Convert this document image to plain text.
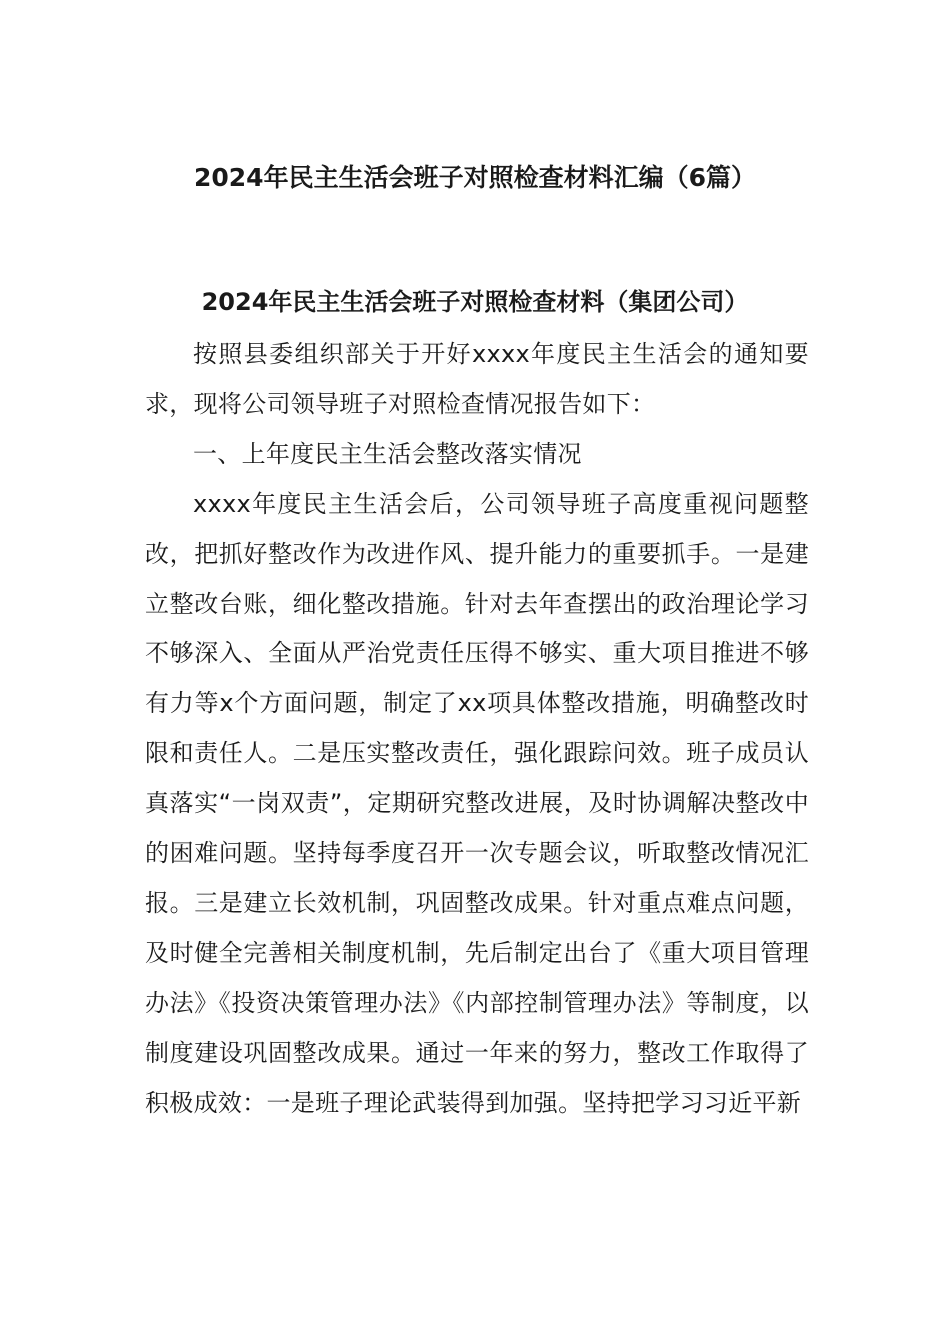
2024年民主生活会班子对照检查材料汇编（6篇）
2024年民主生活会班子对照检查材料（集团公司）

按照县委组织部关于开好xxxx年度民主生活会的通知要求，现将公司领导班子对照检查情况报告如下：

一、上年度民主生活会整改落实情况

xxxx年度民主生活会后，公司领导班子高度重视问题整改，把抓好整改作为改进作风、提升能力的重要抓手。一是建立整改台账，细化整改措施。针对去年查摆出的政治理论学习不够深入、全面从严治党责任压得不够实、重大项目推进不够有力等x个方面问题，制定了xx项具体整改措施，明确整改时限和责任人。二是压实整改责任，强化跟踪问效。班子成员认真落实“一岗双责”，定期研究整改进展，及时协调解决整改中的困难问题。坚持每季度召开一次专题会议，听取整改情况汇报。三是建立长效机制，巩固整改成果。针对重点难点问题，及时健全完善相关制度机制，先后制定出台了《重大项目管理办法》《投资决策管理办法》《内部控制管理办法》等制度，以制度建设巩固整改成果。通过一年来的努力，整改工作取得了积极成效：一是班子理论武装得到加强。坚持把学习习近平新
